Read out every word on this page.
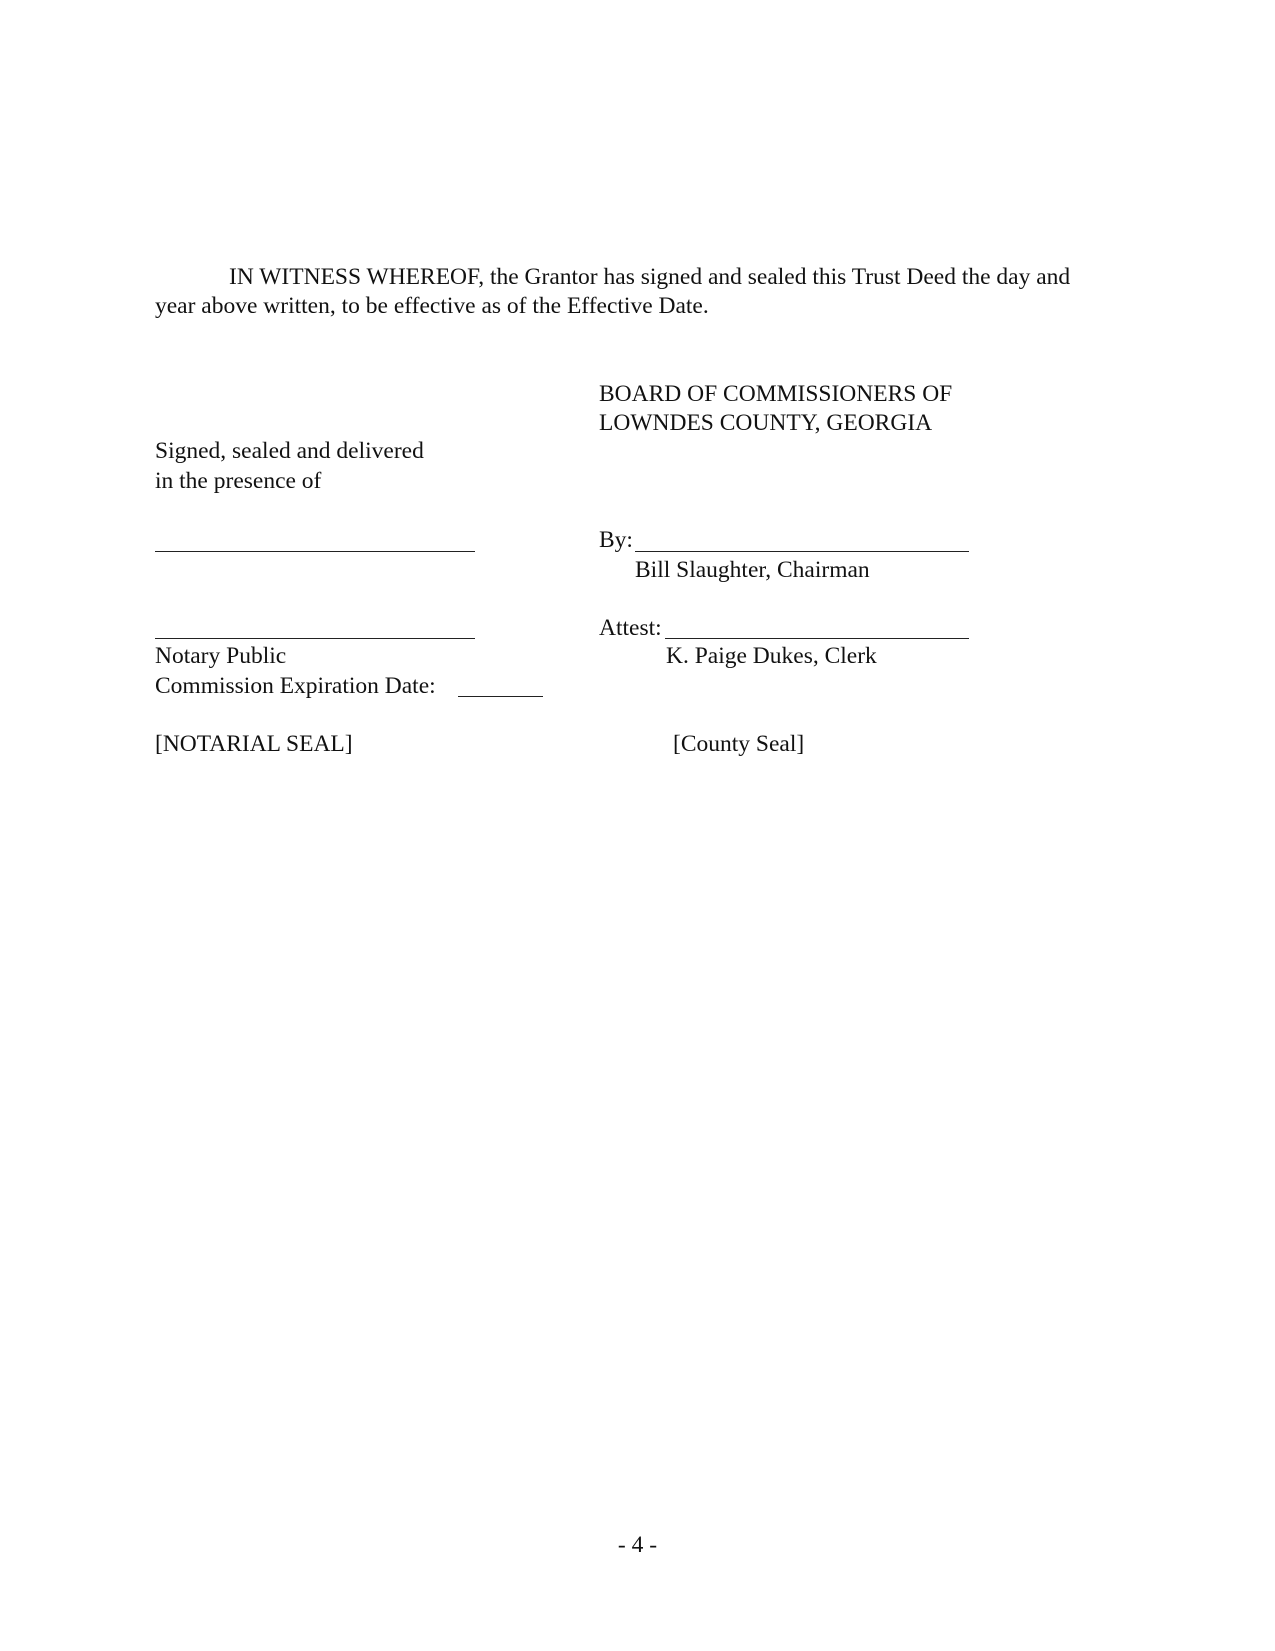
IN WITNESS WHEREOF, the Grantor has signed and sealed this Trust Deed the day and
year above written, to be effective as of the Effective Date.
BOARD OF COMMISSIONERS OF
LOWNDES COUNTY, GEORGIA
Signed, sealed and delivered
in the presence of
By:
Bill Slaughter, Chairman
Attest:
K. Paige Dukes, Clerk
Notary Public
Commission Expiration Date:
[NOTARIAL SEAL]	[County Seal]
- 4 -
